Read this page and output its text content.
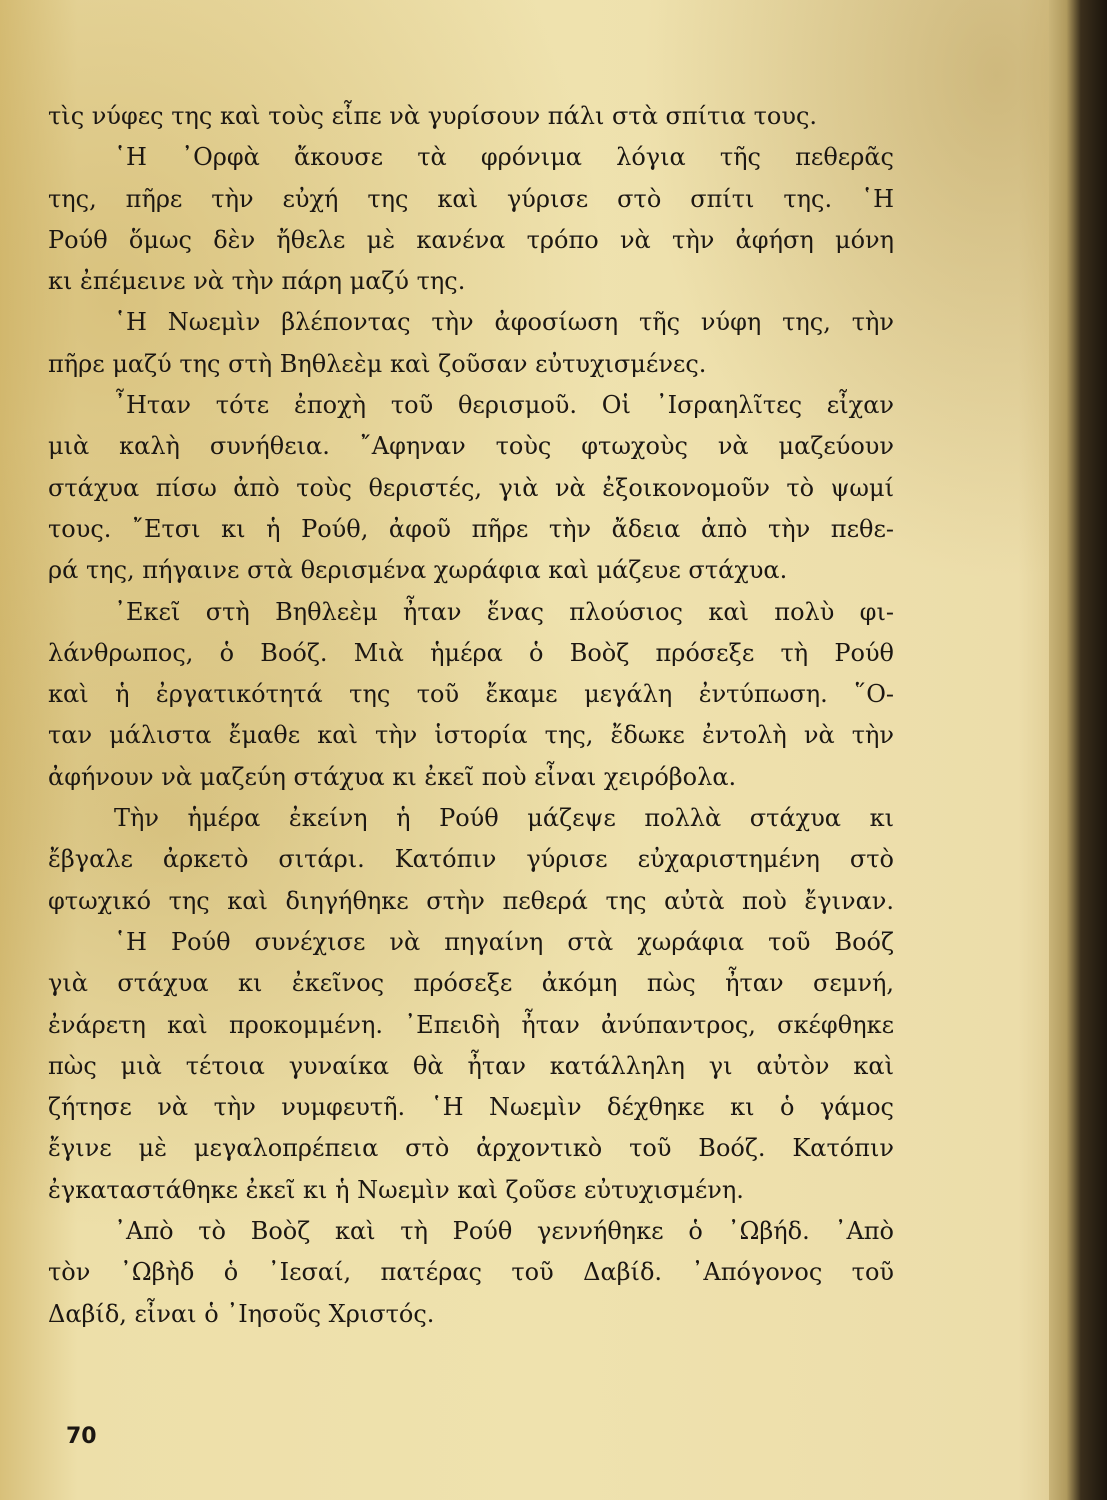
τὶς νύφες της καὶ τοὺς εἶπε νὰ γυρίσουν πάλι στὰ σπίτια τους.
῾Η ᾿Ορφὰ ἄκουσε τὰ φρόνιμα λόγια τῆς πεθερᾶς
της, πῆρε τὴν εὐχή της καὶ γύρισε στὸ σπίτι της. ῾Η
Ρούθ ὅμως δὲν ἤθελε μὲ κανένα τρόπο νὰ τὴν ἀφήση μόνη
κι ἐπέμεινε νὰ τὴν πάρη μαζύ της.
῾Η Νωεμὶν βλέποντας τὴν ἀφοσίωση τῆς νύφη της, τὴν
πῆρε μαζύ της στὴ Βηθλεὲμ καὶ ζοῦσαν εὐτυχισμένες.
῏Ηταν τότε ἐποχὴ τοῦ θερισμοῦ. Οἱ ᾿Ισραηλῖτες εἶχαν
μιὰ καλὴ συνήθεια. ῎Αφηναν τοὺς φτωχοὺς νὰ μαζεύουν
στάχυα πίσω ἀπὸ τοὺς θεριστές, γιὰ νὰ ἐξοικονομοῦν τὸ ψωμί
τους. ῎Ετσι κι ἡ Ρούθ, ἀφοῦ πῆρε τὴν ἄδεια ἀπὸ τὴν πεθε-
ρά της, πήγαινε στὰ θερισμένα χωράφια καὶ μάζευε στάχυα.
᾿Εκεῖ στὴ Βηθλεὲμ ἦταν ἕνας πλούσιος καὶ πολὺ φι-
λάνθρωπος, ὁ Βοόζ. Μιὰ ἡμέρα ὁ Βοὸζ πρόσεξε τὴ Ρούθ
καὶ ἡ ἐργατικότητά της τοῦ ἔκαμε μεγάλη ἐντύπωση. ῞Ο-
ταν μάλιστα ἔμαθε καὶ τὴν ἱστορία της, ἔδωκε ἐντολὴ νὰ τὴν
ἀφήνουν νὰ μαζεύη στάχυα κι ἐκεῖ ποὺ εἶναι χειρόβολα.
Τὴν ἡμέρα ἐκείνη ἡ Ρούθ μάζεψε πολλὰ στάχυα κι
ἔβγαλε ἀρκετὸ σιτάρι. Κατόπιν γύρισε εὐχαριστημένη στὸ
φτωχικό της καὶ διηγήθηκε στὴν πεθερά της αὐτὰ ποὺ ἔγιναν.
῾Η Ρούθ συνέχισε νὰ πηγαίνη στὰ χωράφια τοῦ Βοόζ
γιὰ στάχυα κι ἐκεῖνος πρόσεξε ἀκόμη πὼς ἦταν σεμνή,
ἐνάρετη καὶ προκομμένη. ᾿Επειδὴ ἦταν ἀνύπαντρος, σκέφθηκε
πὼς μιὰ τέτοια γυναίκα θὰ ἦταν κατάλληλη γι αὐτὸν καὶ
ζήτησε νὰ τὴν νυμφευτῆ. ῾Η Νωεμὶν δέχθηκε κι ὁ γάμος
ἔγινε μὲ μεγαλοπρέπεια στὸ ἀρχοντικὸ τοῦ Βοόζ. Κατόπιν
ἐγκαταστάθηκε ἐκεῖ κι ἡ Νωεμὶν καὶ ζοῦσε εὐτυχισμένη.
᾿Απὸ τὸ Βοὸζ καὶ τὴ Ρούθ γεννήθηκε ὁ ᾿Ωβήδ. ᾿Απὸ
τὸν ᾿Ωβὴδ ὁ ᾿Ιεσαί, πατέρας τοῦ Δαβίδ. ᾿Απόγονος τοῦ
Δαβίδ, εἶναι ὁ ᾿Ιησοῦς Χριστός.
70
